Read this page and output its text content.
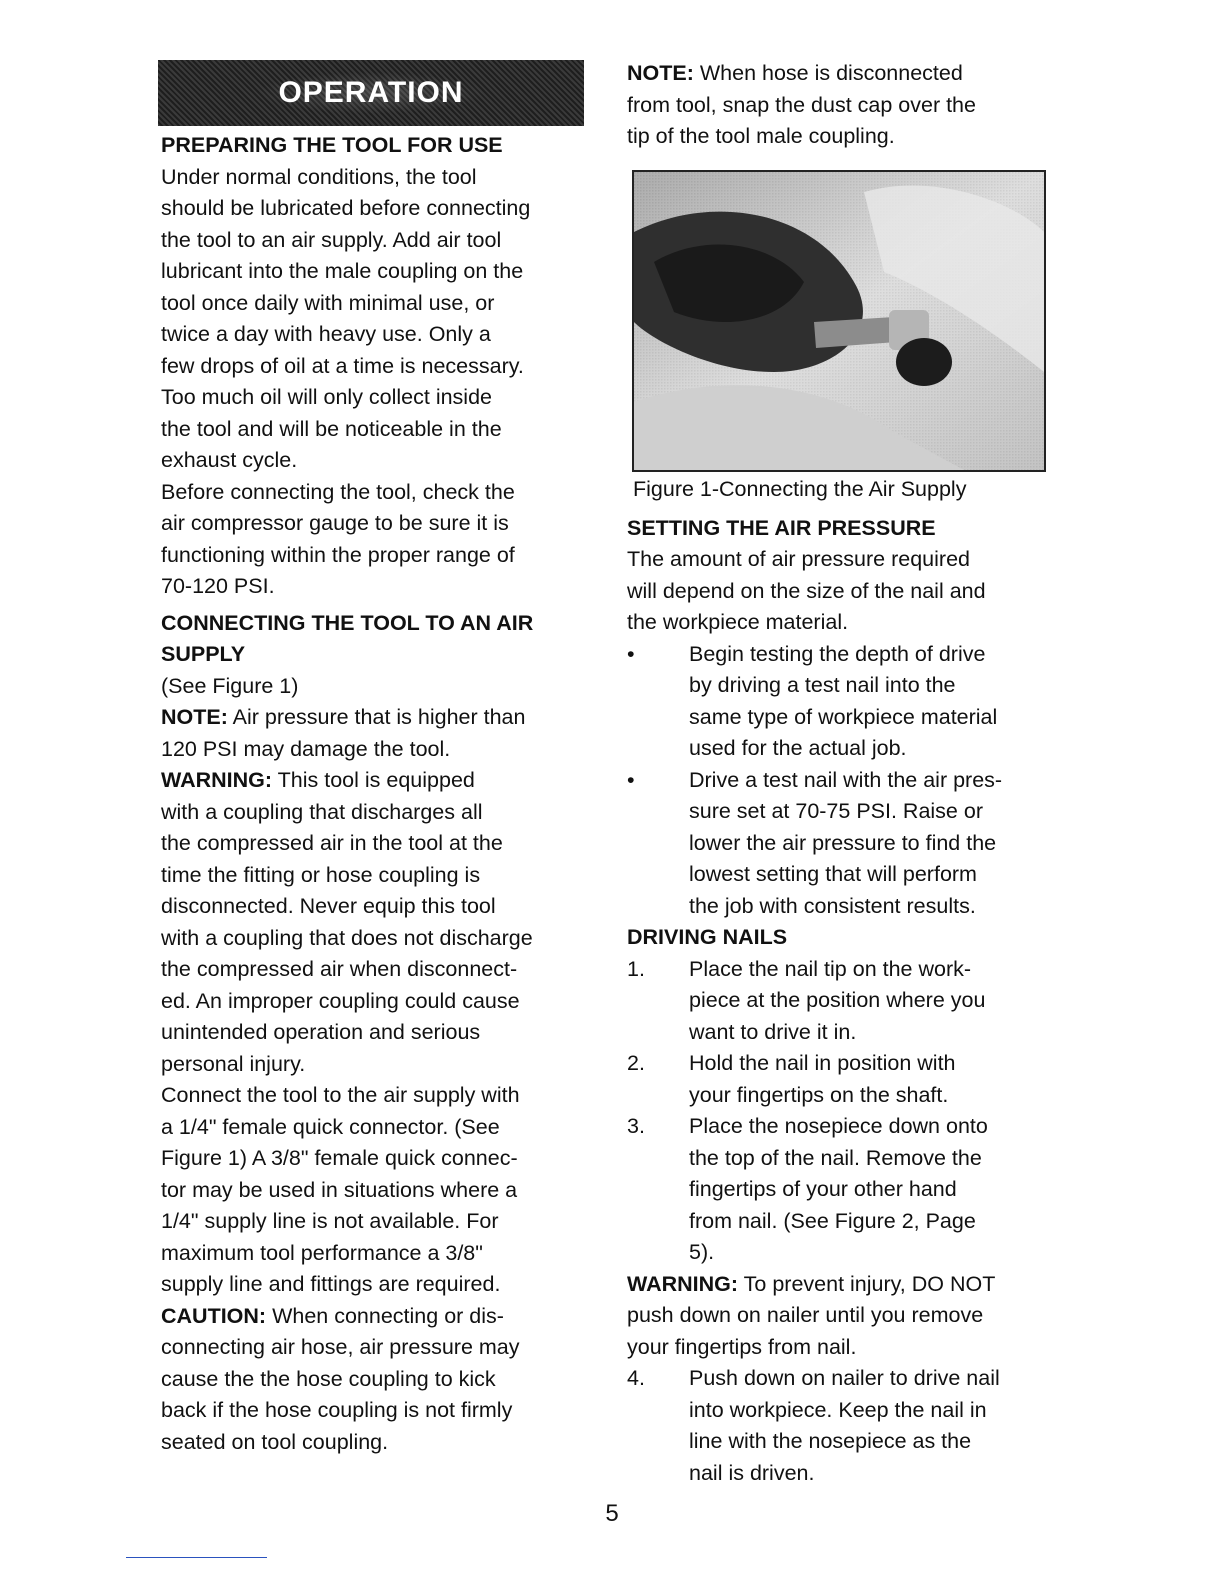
OPERATION

PREPARING THE TOOL FOR USE

Under normal conditions, the tool

should be lubricated before connecting

the tool to an air supply. Add air tool

lubricant into the male coupling on the

tool once daily with minimal use, or

twice a day with heavy use. Only a

few drops of oil at a time is necessary.

Too much oil will only collect inside

the tool and will be noticeable in the

exhaust cycle.

Before connecting the tool, check the

air compressor gauge to be sure it is

functioning within the proper range of

70-120 PSI.

CONNECTING THE TOOL TO AN AIR

SUPPLY

(See Figure 1)

NOTE: Air pressure that is higher than

120 PSI may damage the tool.

WARNING: This tool is equipped

with a coupling that discharges all

the compressed air in the tool at the

time the fitting or hose coupling is

disconnected. Never equip this tool

with a coupling that does not discharge

the compressed air when disconnect-

ed. An improper coupling could cause

unintended operation and serious

personal injury.

Connect the tool to the air supply with

a 1/4" female quick connector. (See

Figure 1) A 3/8" female quick connec-

tor may be used in situations where a

1/4" supply line is not available. For

maximum tool performance a 3/8"

supply line and fittings are required.

CAUTION: When connecting or dis-

connecting air hose, air pressure may

cause the the hose coupling to kick

back if the hose coupling is not firmly

seated on tool coupling.

NOTE: When hose is disconnected

from tool, snap the dust cap over the

tip of the tool male coupling.

Figure 1-Connecting the Air Supply

SETTING THE AIR PRESSURE

The amount of air pressure required

will depend on the size of the nail and

the workpiece material.

•	Begin testing the depth of drive
by driving a test nail into the
same type of workpiece material
used for the actual job.
•	Drive a test nail with the air pres-
sure set at 70-75 PSI. Raise or
lower the air pressure to find the
lowest setting that will perform
the job with consistent results.

DRIVING NAILS

1.	Place the nail tip on the work-
piece at the position where you
want to drive it in.
2.	Hold the nail in position with
your fingertips on the shaft.
3.	Place the nosepiece down onto
the top of the nail. Remove the
fingertips of your other hand
from nail. (See Figure 2, Page
5).

WARNING: To prevent injury, DO NOT

push down on nailer until you remove

your fingertips from nail.

4.	Push down on nailer to drive nail
into workpiece. Keep the nail in
line with the nosepiece as the
nail is driven.
5
